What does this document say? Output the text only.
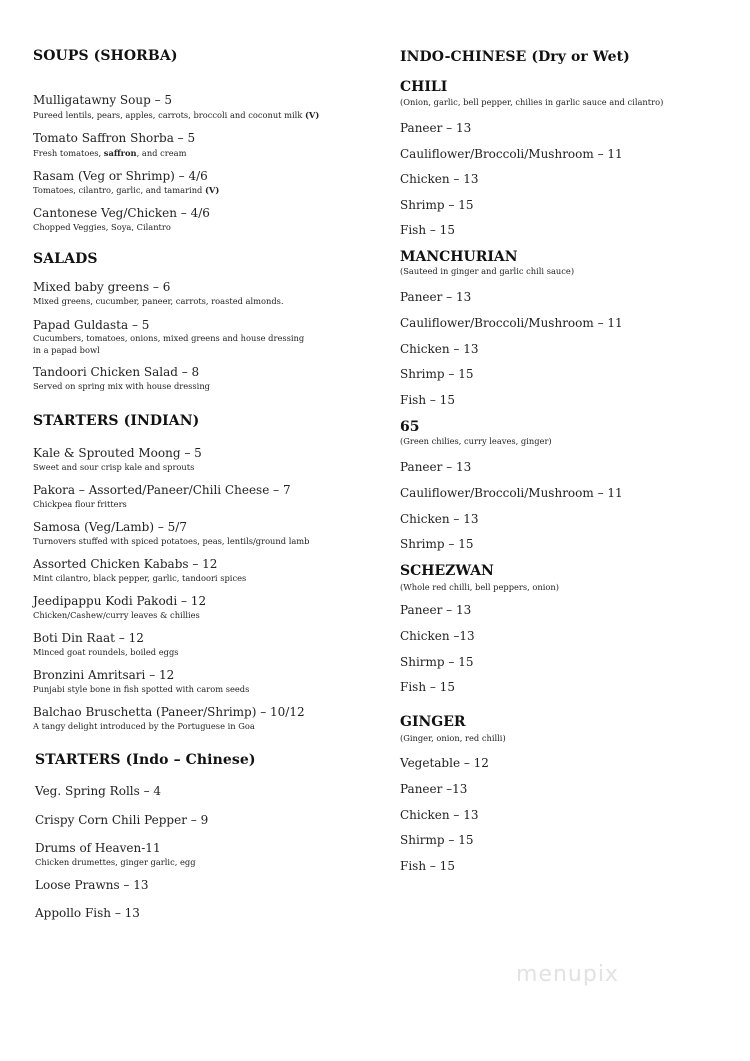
menupix
SOUPS (SHORBA)
Mulligatawny Soup – 5
Pureed lentils, pears, apples, carrots, broccoli and coconut milk (V)
Tomato Saffron Shorba – 5
Fresh tomatoes, saffron, and cream
Rasam (Veg or Shrimp) – 4/6
Tomatoes, cilantro, garlic, and tamarind (V)
Cantonese Veg/Chicken – 4/6
Chopped Veggies, Soya, Cilantro
SALADS
Mixed baby greens – 6
Mixed greens, cucumber, paneer, carrots, roasted almonds.
Papad Guldasta – 5
Cucumbers, tomatoes, onions, mixed greens and house dressing in a papad bowl
Tandoori Chicken Salad – 8
Served on spring mix with house dressing
STARTERS (INDIAN)
Kale & Sprouted Moong – 5
Sweet and sour crisp kale and sprouts
Pakora – Assorted/Paneer/Chili Cheese – 7
Chickpea flour fritters
Samosa (Veg/Lamb) – 5/7
Turnovers stuffed with spiced potatoes, peas, lentils/ground lamb
Assorted Chicken Kababs – 12
Mint cilantro, black pepper, garlic, tandoori spices
Jeedipappu Kodi Pakodi – 12
Chicken/Cashew/curry leaves & chillies
Boti Din Raat – 12
Minced goat roundels, boiled eggs
Bronzini Amritsari – 12
Punjabi style bone in fish spotted with carom seeds
Balchao Bruschetta (Paneer/Shrimp) – 10/12
A tangy delight introduced by the Portuguese in Goa
STARTERS (Indo – Chinese)
Veg. Spring Rolls – 4
Crispy Corn Chili Pepper – 9
Drums of Heaven-11
Chicken drumettes, ginger garlic, egg
Loose Prawns – 13
Appollo Fish – 13
INDO-CHINESE (Dry or Wet)
CHILI
(Onion, garlic, bell pepper, chilies in garlic sauce and cilantro)
Paneer – 13
Cauliflower/Broccoli/Mushroom – 11
Chicken – 13
Shrimp – 15
Fish – 15
MANCHURIAN
(Sauteed in ginger and garlic chili sauce)
Paneer – 13
Cauliflower/Broccoli/Mushroom – 11
Chicken – 13
Shrimp – 15
Fish – 15
65
(Green chilies, curry leaves, ginger)
Paneer – 13
Cauliflower/Broccoli/Mushroom – 11
Chicken – 13
Shrimp – 15
SCHEZWAN
(Whole red chilli, bell peppers, onion)
Paneer – 13
Chicken –13
Shirmp – 15
Fish – 15
GINGER
(Ginger, onion, red chilli)
Vegetable – 12
Paneer –13
Chicken – 13
Shirmp – 15
Fish – 15
